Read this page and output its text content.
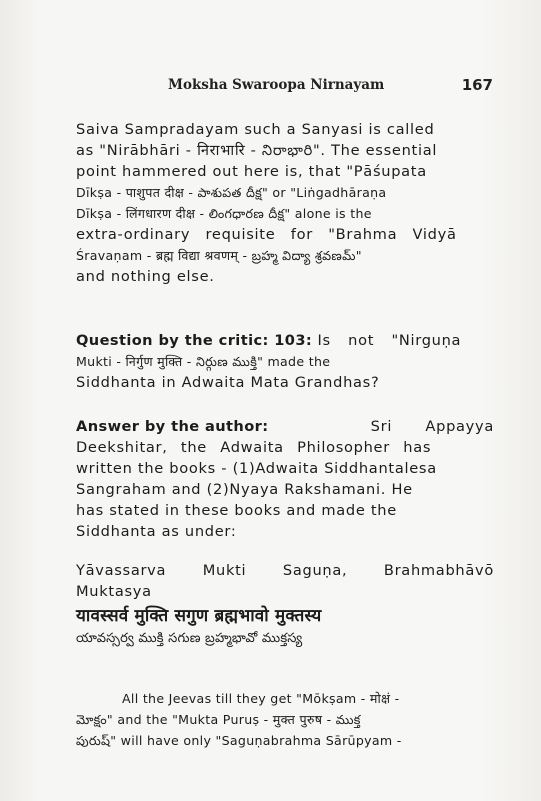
Moksha Swaroopa Nirnayam	167

Saiva Sampradayam such a Sanyasi is called

as "Nirābhāri - निराभारि - నిరాభారి". The essential

point hammered out here is, that "Pāśupata

Dīkṣa - पाशुपत दीक्ष - పాశుపత దీక్ష" or "Liṅgadhāraṇa

Dīkṣa - लिंगधारण दीक्ष - లింగధారణ దీక్ష" alone is the

extra-ordinary requisite for "Brahma Vidyā

Śravaṇam - ब्रह्म विद्या श्रवणम् - బ్రహ్మ విద్యా శ్రవణమ్"

and nothing else.

Question by the critic: 103: Is not "Nirguṇa

Mukti - निर्गुण मुक्ति - నిర్గుణ ముక్తి" made the

Siddhanta in Adwaita Mata Grandhas?

Answer by the author:	Sri Appayya

Deekshitar, the Adwaita Philosopher has

written the books - (1)Adwaita Siddhantalesa

Sangraham and (2)Nyaya Rakshamani. He

has stated in these books and made the

Siddhanta as under:

Yāvassarva	Mukti	Saguṇa,	Brahmabhāvō

Muktasya

यावस्सर्व मुक्ति सगुण ब्रह्मभावो मुक्तस्य
యావస్సర్వ ముక్తి సగుణ బ్రహ్మభావో ముక్తస్య

All the Jeevas till they get "Mōkṣam - मोक्षं -

మోక్షం" and the "Mukta Puruṣ - मुक्त पुरुष - ముక్త

పురుష్" will have only "Saguṇabrahma Sārūpyam -
